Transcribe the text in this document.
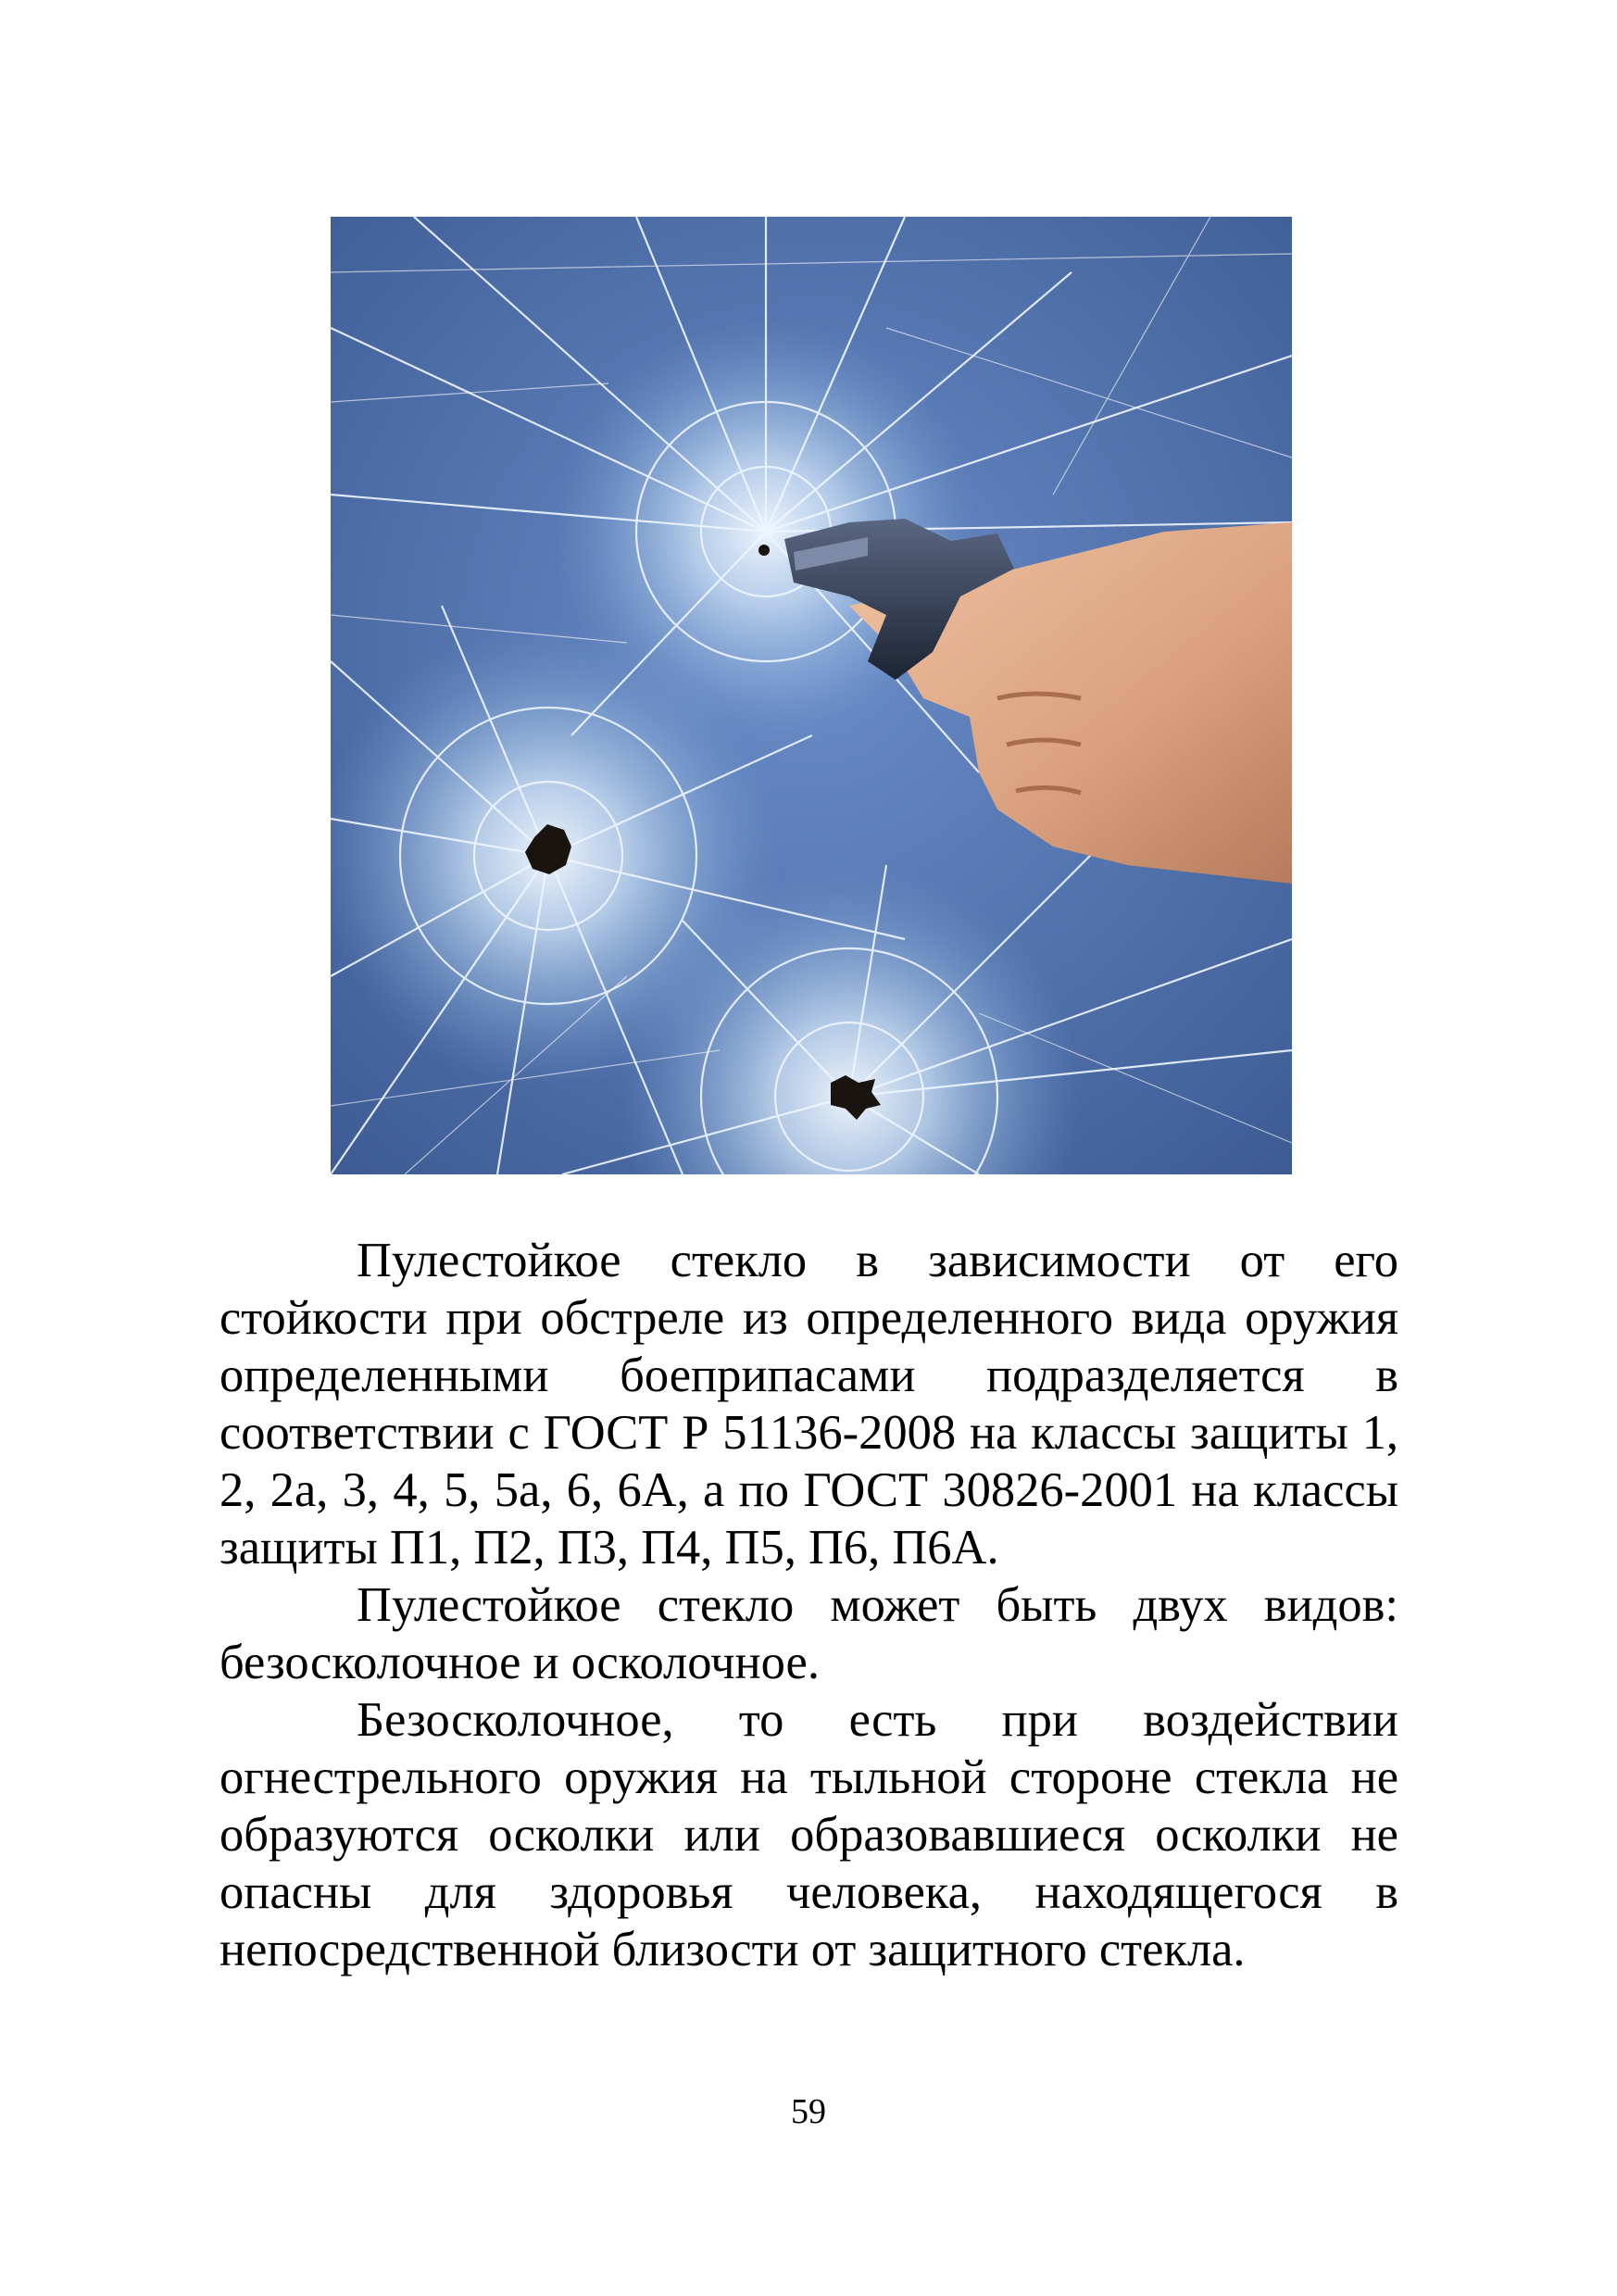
Пулестойкое стекло в зависимости от его стойкости при обстреле из определенного вида оружия определенными боеприпасами подразделяется в соответствии с ГОСТ Р 51136-2008 на классы защиты 1, 2, 2а, 3, 4, 5, 5а, 6, 6А, а по ГОСТ 30826-2001 на классы защиты П1, П2, П3, П4, П5, П6, П6А.

Пулестойкое стекло может быть двух видов: безосколочное и осколочное.

Безосколочное, то есть при воздействии огнестрельного оружия на тыльной стороне стекла не образуются осколки или образовавшиеся осколки не опасны для здоровья человека, находящегося в непосредственной близости от защитного стекла.

59
